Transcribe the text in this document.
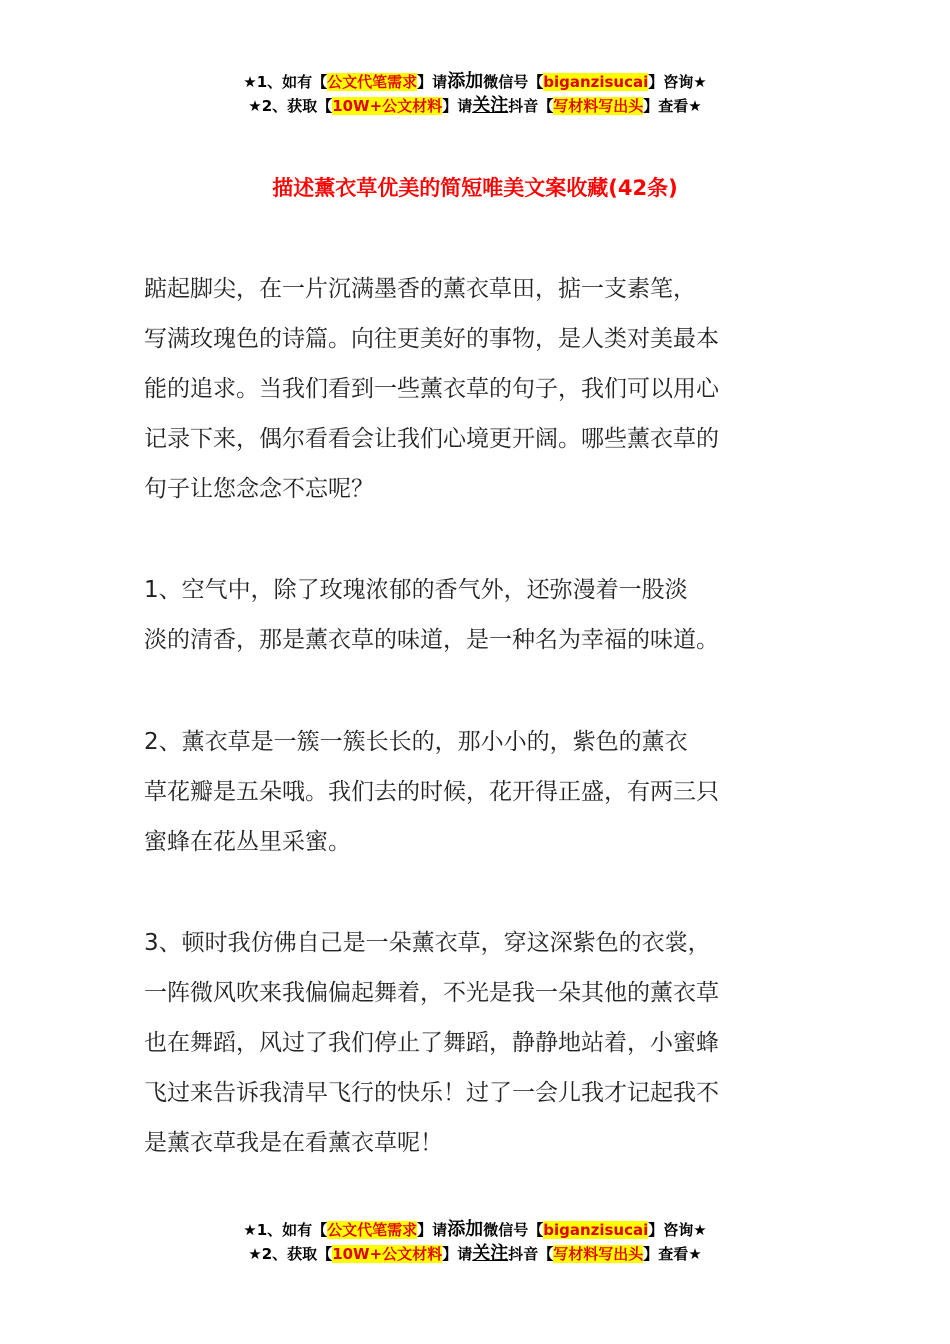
★1、如有【公文代笔需求】请添加微信号【biganzisucai】咨询★
★2、获取【10W+公文材料】请关注抖音【写材料写出头】查看★
描述薰衣草优美的简短唯美文案收藏(42条)
踮起脚尖，在一片沉满墨香的薰衣草田，掂一支素笔，
写满玫瑰色的诗篇。向往更美好的事物，是人类对美最本
能的追求。当我们看到一些薰衣草的句子，我们可以用心
记录下来，偶尔看看会让我们心境更开阔。哪些薰衣草的
句子让您念念不忘呢？
1、空气中，除了玫瑰浓郁的香气外，还弥漫着一股淡
淡的清香，那是薰衣草的味道，是一种名为幸福的味道。
2、薰衣草是一簇一簇长长的，那小小的，紫色的薰衣
草花瓣是五朵哦。我们去的时候，花开得正盛，有两三只
蜜蜂在花丛里采蜜。
3、顿时我仿佛自己是一朵薰衣草，穿这深紫色的衣裳，
一阵微风吹来我偏偏起舞着，不光是我一朵其他的薰衣草
也在舞蹈，风过了我们停止了舞蹈，静静地站着，小蜜蜂
飞过来告诉我清早飞行的快乐！过了一会儿我才记起我不
是薰衣草我是在看薰衣草呢！
★1、如有【公文代笔需求】请添加微信号【biganzisucai】咨询★
★2、获取【10W+公文材料】请关注抖音【写材料写出头】查看★
